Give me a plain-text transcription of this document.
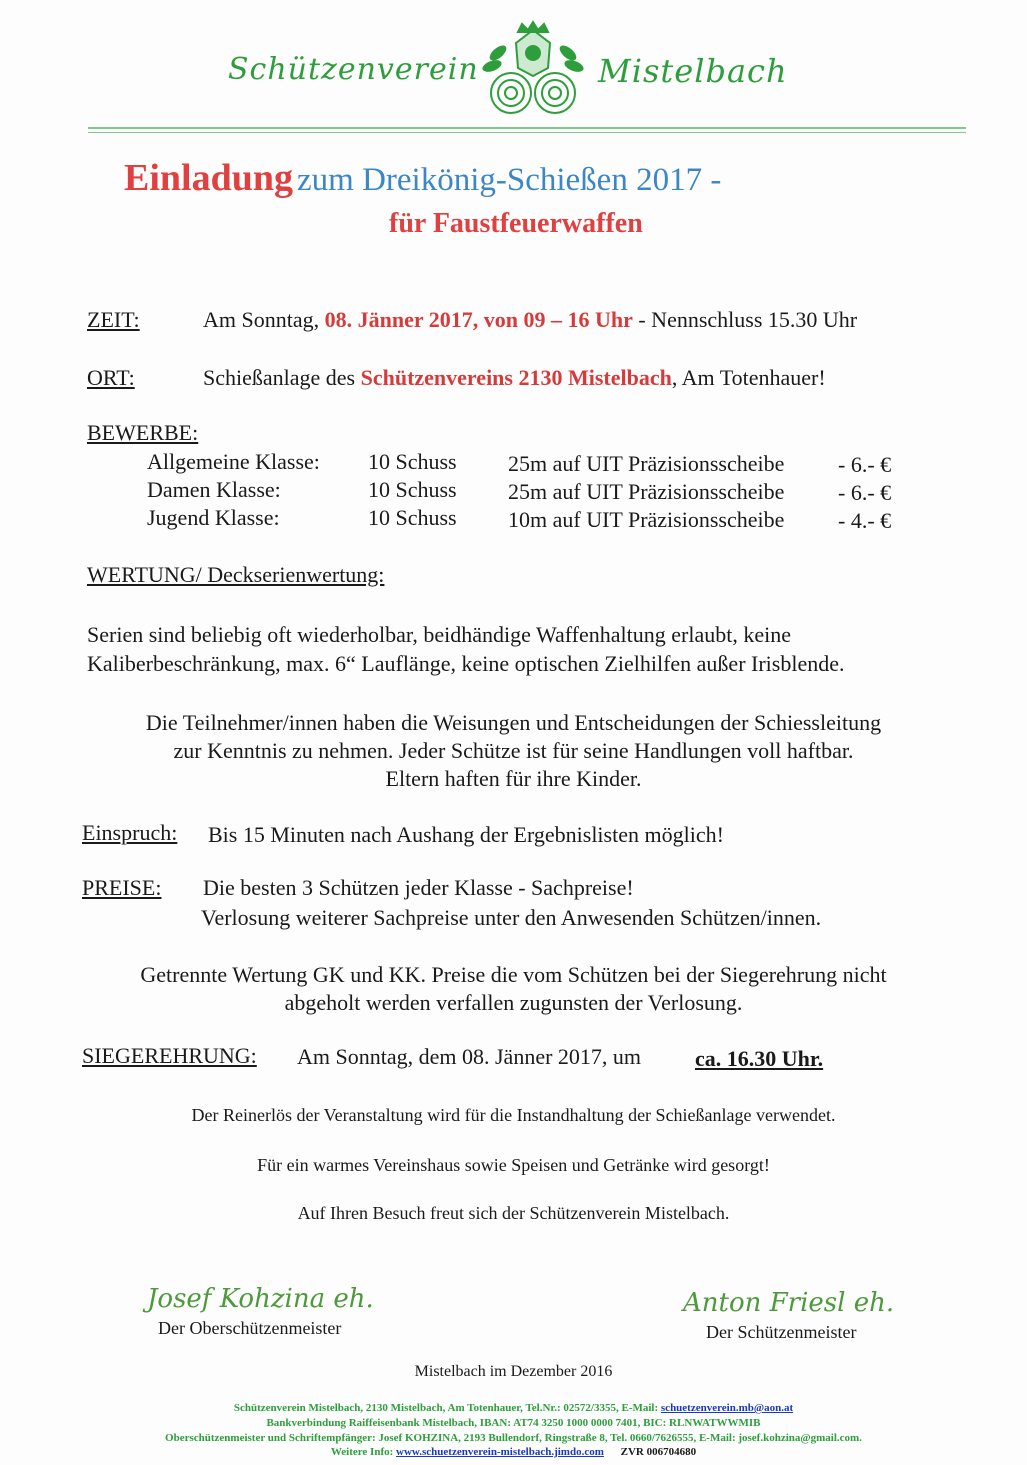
Schützenverein	Mistelbach
Einladung zum Dreikönig-Schießen 2017 -
für Faustfeuerwaffen
ZEIT:	Am Sonntag, 08. Jänner 2017, von 09 – 16 Uhr - Nennschluss 15.30 Uhr
ORT:	Schießanlage des Schützenvereins 2130 Mistelbach, Am Totenhauer!
BEWERBE:
Allgemeine Klasse: 10 Schuss 25m auf UIT Präzisionsscheibe - 6.- €
Damen Klasse:	10 Schuss 25m auf UIT Präzisionsscheibe - 6.- €
Jugend Klasse:	10 Schuss 10m auf UIT Präzisionsscheibe - 4.- €
WERTUNG/ Deckserienwertung:
Serien sind beliebig oft wiederholbar, beidhändige Waffenhaltung erlaubt, keine
Kaliberbeschränkung, max. 6“ Lauflänge, keine optischen Zielhilfen außer Irisblende.
Die Teilnehmer/innen haben die Weisungen und Entscheidungen der Schiessleitung
zur Kenntnis zu nehmen. Jeder Schütze ist für seine Handlungen voll haftbar.
Eltern haften für ihre Kinder.
Einspruch: Bis 15 Minuten nach Aushang der Ergebnislisten möglich!
PREISE: Die besten 3 Schützen jeder Klasse - Sachpreise!
Verlosung weiterer Sachpreise unter den Anwesenden Schützen/innen.
Getrennte Wertung GK und KK. Preise die vom Schützen bei der Siegerehrung nicht
abgeholt werden verfallen zugunsten der Verlosung.
SIEGEREHRUNG: Am Sonntag, dem 08. Jänner 2017, um ca. 16.30 Uhr.
Der Reinerlös der Veranstaltung wird für die Instandhaltung der Schießanlage verwendet.
Für ein warmes Vereinshaus sowie Speisen und Getränke wird gesorgt!
Auf Ihren Besuch freut sich der Schützenverein Mistelbach.
Josef Kohzina eh.
Der Oberschützenmeister
Anton Friesl eh.
Der Schützenmeister
Mistelbach im Dezember 2016
Schützenverein Mistelbach, 2130 Mistelbach, Am Totenhauer, Tel.Nr.: 02572/3355, E-Mail: schuetzenverein.mb@aon.at
Bankverbindung Raiffeisenbank Mistelbach, IBAN: AT74 3250 1000 0000 7401, BIC: RLNWATWWMIB
Oberschützenmeister und Schriftempfänger: Josef KOHZINA, 2193 Bullendorf, Ringstraße 8, Tel. 0660/7626555, E-Mail: josef.kohzina@gmail.com.
Weitere Info: www.schuetzenverein-mistelbach.jimdo.com ZVR 006704680
